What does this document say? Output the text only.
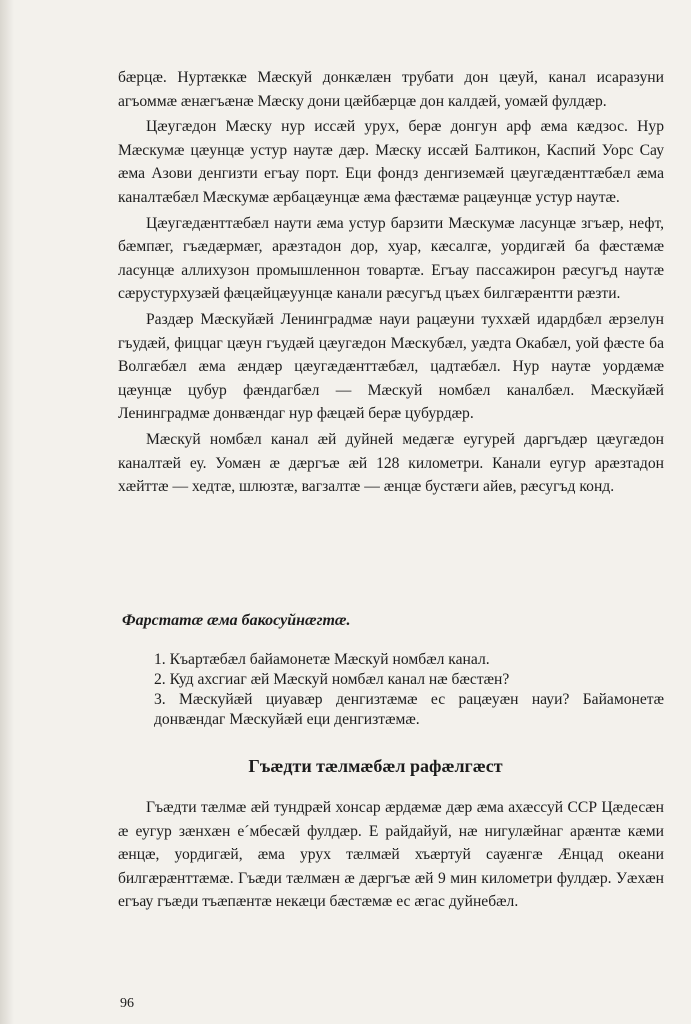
бæрцæ. Нуртæккæ Мæскуй донкæлæн трубати дон цæуй, канал исаразуни агъоммæ æнæгъæнæ Мæску дони цæйбæрцæ дон калдæй, уомæй фулдæр.

Цæугæдон Мæску нур иссæй урух, берæ донгун арф æма кæдзос. Нур Мæскумæ цæунцæ устур наутæ дæр. Мæску иссæй Балтикон, Каспий Уорс Сау æма Азови денгизти егъау порт. Еци фондз денгиземæй цæугæдæнттæбæл æма каналтæбæл Мæскумæ æрбацæунцæ æма фæстæмæ рацæунцæ устур наутæ.

Цæугæдæнттæбæл наути æма устур барзити Мæскумæ ласунцæ згъæр, нефт, бæмпæг, гъæдæрмæг, арæзтадон дор, хуар, кæсалгæ, уордигæй ба фæстæмæ ласунцæ аллихузон промышленнон товартæ. Егъау пассажирон рæсугъд наутæ сæрустурхузæй фæцæйцæуунцæ канали рæсугъд цъæх билгæрæнтти рæзти.

Раздæр Мæскуйæй Ленинградмæ науи рацæуни туххæй идардбæл æрзелун гъудæй, фиццаг цæун гъудæй цæугæдон Мæскубæл, уæдта Окабæл, уой фæсте ба Волгæбæл æма æндæр цæугæдæнттæбæл, цадтæбæл. Нур наутæ уордæмæ цæунцæ цубур фæндагбæл — Мæскуй номбæл каналбæл. Мæскуйæй Ленинградмæ донвæндаг нур фæцæй берæ цубурдæр.

Мæскуй номбæл канал æй дуйней медæгæ еугурей даргъдæр цæугæдон каналтæй еу. Уомæн æ дæргъæ æй 128 километри. Канали еугур арæзтадон хæйттæ — хедтæ, шлюзтæ, вагзалтæ — æнцæ бустæги айев, рæсугъд конд.

Фарстатæ æма бакосуйнæгтæ.
1. Къартæбæл байамонетæ Мæскуй номбæл канал.
2. Куд ахсгиаг æй Мæскуй номбæл канал нæ бæстæн?
3. Мæскуйæй циуавæр денгизтæмæ ес рацæуæн науи? Байамонетæ донвæндаг Мæскуйæй еци денгизтæмæ.
Гъæдти тæлмæбæл рафæлгæст

Гъæдти тæлмæ æй тундрæй хонсар æрдæмæ дæр æма ахæссуй ССР Цæдесæн æ еугур зæнхæн е´мбесæй фулдæр. Е райдайуй, нæ нигулæйнаг арæнтæ кæми æнцæ, уордигæй, æма урух тæлмæй хъæртуй сауæнгæ Æнцад океани билгæрæнттæмæ. Гъæди тæлмæн æ дæргъæ æй 9 мин километри фулдæр. Уæхæн егъау гъæди тъæпæнтæ некæци бæстæмæ ес æгас дуйнебæл.

96
